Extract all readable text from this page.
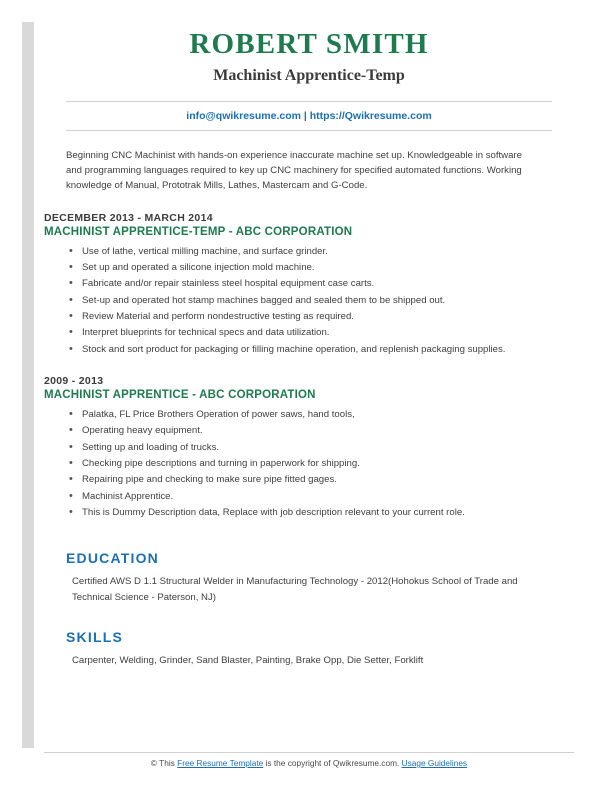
ROBERT SMITH
Machinist Apprentice-Temp
info@qwikresume.com | https://Qwikresume.com
Beginning CNC Machinist with hands-on experience inaccurate machine set up. Knowledgeable in software and programming languages required to key up CNC machinery for specified automated functions. Working knowledge of Manual, Prototrak Mills, Lathes, Mastercam and G-Code.
DECEMBER 2013 - MARCH 2014
MACHINIST APPRENTICE-TEMP - ABC CORPORATION
• Use of lathe, vertical milling machine, and surface grinder.
• Set up and operated a silicone injection mold machine.
• Fabricate and/or repair stainless steel hospital equipment case carts.
• Set-up and operated hot stamp machines bagged and sealed them to be shipped out.
• Review Material and perform nondestructive testing as required.
• Interpret blueprints for technical specs and data utilization.
• Stock and sort product for packaging or filling machine operation, and replenish packaging supplies.
2009 - 2013
MACHINIST APPRENTICE - ABC CORPORATION
• Palatka, FL Price Brothers Operation of power saws, hand tools,
• Operating heavy equipment.
• Setting up and loading of trucks.
• Checking pipe descriptions and turning in paperwork for shipping.
• Repairing pipe and checking to make sure pipe fitted gages.
• Machinist Apprentice.
• This is Dummy Description data, Replace with job description relevant to your current role.
EDUCATION
Certified AWS D 1.1 Structural Welder in Manufacturing Technology - 2012(Hohokus School of Trade and Technical Science - Paterson, NJ)
SKILLS
Carpenter, Welding, Grinder, Sand Blaster, Painting, Brake Opp, Die Setter, Forklift
© This Free Resume Template is the copyright of Qwikresume.com. Usage Guidelines
